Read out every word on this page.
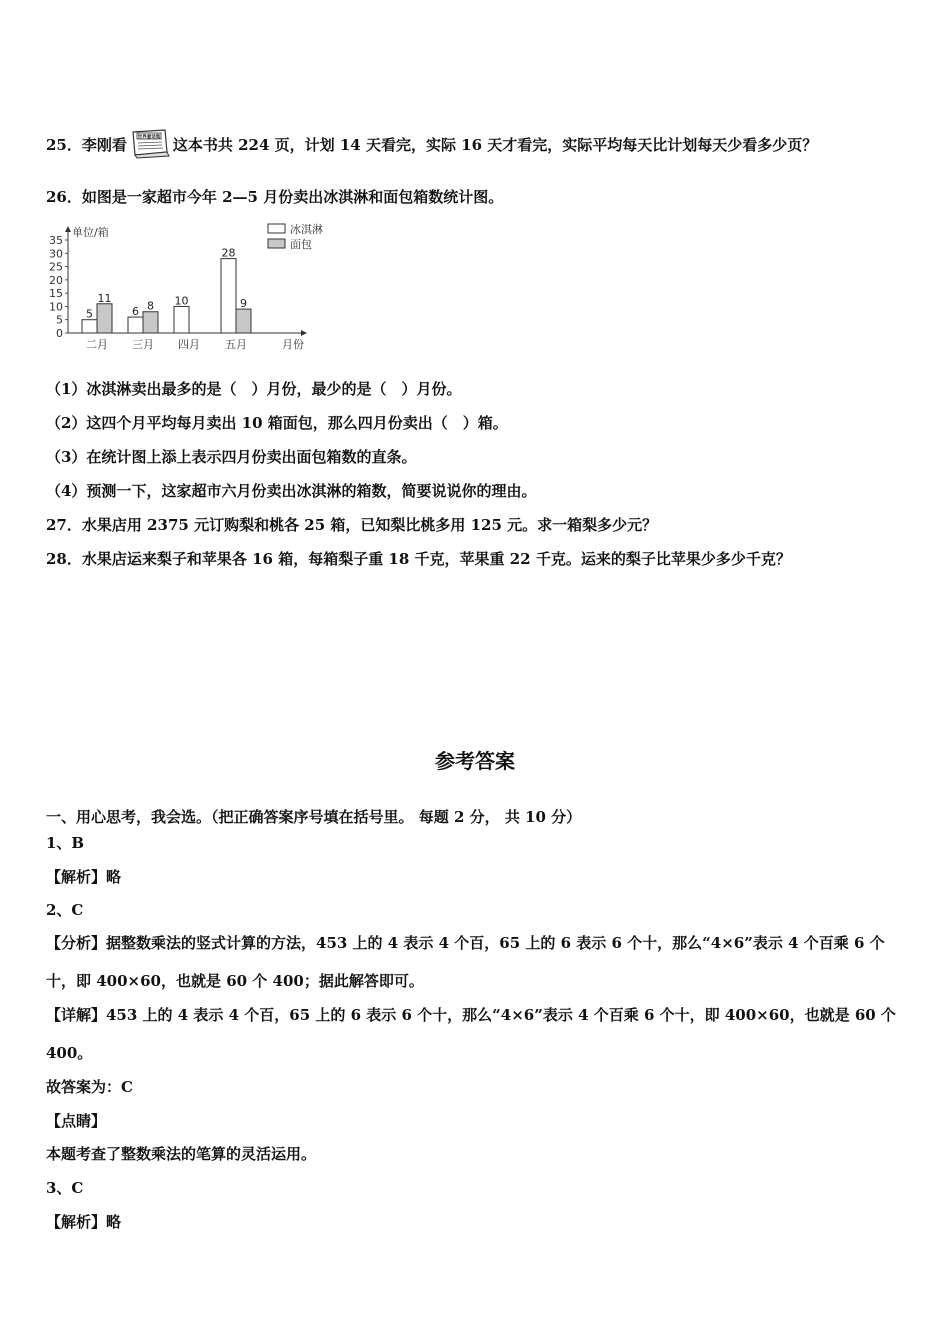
25．李刚看 世界童话集 这本书共 224 页，计划 14 天看完，实际 16 天才看完，实际平均每天比计划每天少看多少页？
26．如图是一家超市今年 2—5 月份卖出冰淇淋和面包箱数统计图。
单位/箱
0
5
10
15
20
25
30
35
5
11
二月
6 8
三月
10
四月
28
9
五月	月份
冰淇淋
面包
（1）冰淇淋卖出最多的是（　）月份，最少的是（　）月份。
（2）这四个月平均每月卖出 10 箱面包，那么四月份卖出（　）箱。
（3）在统计图上添上表示四月份卖出面包箱数的直条。
（4）预测一下，这家超市六月份卖出冰淇淋的箱数，简要说说你的理由。
27．水果店用 2375 元订购梨和桃各 25 箱，已知梨比桃多用 125 元。求一箱梨多少元？
28．水果店运来梨子和苹果各 16 箱，每箱梨子重 18 千克，苹果重 22 千克。运来的梨子比苹果少多少千克？
参考答案
一、用心思考，我会选。（把正确答案序号填在括号里。 每题 2 分， 共 10 分）
1、B
【解析】略
2、C
【分析】据整数乘法的竖式计算的方法，453 上的 4 表示 4 个百，65 上的 6 表示 6 个十，那么“4×6”表示 4 个百乘 6 个
十，即 400×60，也就是 60 个 400；据此解答即可。
【详解】453 上的 4 表示 4 个百，65 上的 6 表示 6 个十，那么“4×6”表示 4 个百乘 6 个十，即 400×60，也就是 60 个
400。
故答案为：C
【点睛】
本题考查了整数乘法的笔算的灵活运用。
3、C
【解析】略
